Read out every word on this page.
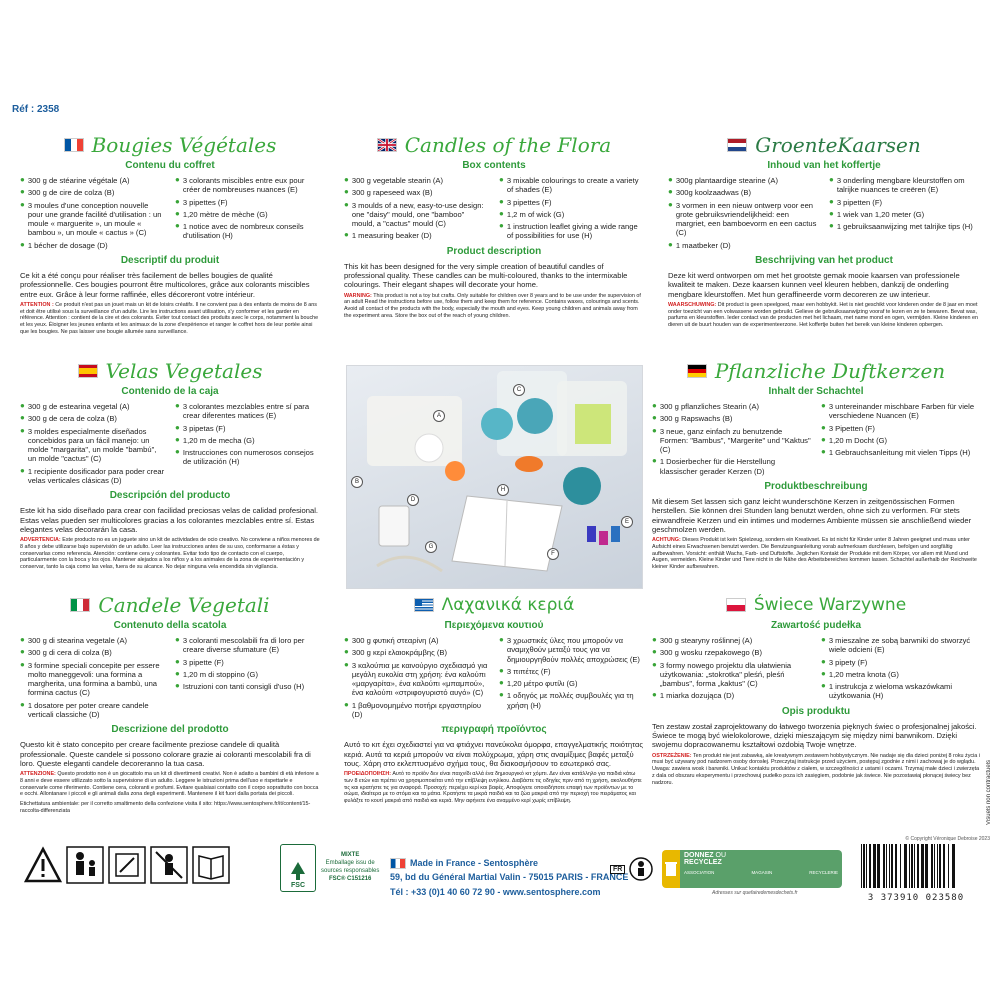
Réf : 2358
Bougies Végétales
Contenu du coffret
● 300 g de stéarine végétale (A)
● 300 g de cire de colza (B)
● 3 moules d'une conception nouvelle pour une grande facilité d'utilisation : un moule « marguerite », un moule « bambou », un moule « cactus » (C)
● 1 bécher de dosage (D)
● 3 colorants miscibles entre eux pour créer de nombreuses nuances (E)
● 3 pipettes (F)
● 1,20 mètre de mèche (G)
● 1 notice avec de nombreux conseils d'utilisation (H)
Descriptif du produit

Ce kit a été conçu pour réaliser très facilement de belles bougies de qualité professionnelle. Ces bougies pourront être multicolores, grâce aux colorants miscibles entre eux. Grâce à leur forme raffinée, elles décoreront votre intérieur.

ATTENTION : Ce produit n'est pas un jouet mais un kit de loisirs créatifs. Il ne convient pas à des enfants de moins de 8 ans et doit être utilisé sous la surveillance d'un adulte. Lire les instructions avant utilisation, s'y conformer et les garder en référence. Attention : contient de la cire et des colorants. Éviter tout contact des produits avec le corps, notamment la bouche et les yeux. Éloigner les jeunes enfants et les animaux de la zone d'expérience et ranger le coffret hors de leur portée ainsi que les bougies. Ne pas laisser une bougie allumée sans surveillance.

Candles of the Flora
Box contents
● 300 g vegetable stearin (A)
● 300 g rapeseed wax (B)
● 3 moulds of a new, easy-to-use design: one "daisy" mould, one "bamboo" mould, a "cactus" mould (C)
● 1 measuring beaker (D)
● 3 mixable colourings to create a variety of shades (E)
● 3 pipettes (F)
● 1,2 m of wick (G)
● 1 instruction leaflet giving a wide range of possibilities for use (H)
Product description

This kit has been designed for the very simple creation of beautiful candles of professional quality. These candles can be multi-coloured, thanks to the intermixable colourings. Their elegant shapes will decorate your home.

WARNING: This product is not a toy but crafts. Only suitable for children over 8 years and to be use under the supervision of an adult Read the instructions before use, follow them and keep them for reference. Contains waxes, colourings and scents. Avoid all contact of the products with the body, especially the mouth and eyes. Keep young children and animals away from the experiment area. Store the box out of the reach of young children.

GroenteKaarsen
Inhoud van het koffertje
● 300g plantaardige stearine (A)
● 300g koolzaadwas (B)
● 3 vormen in een nieuw ontwerp voor een grote gebruiksvriendelijkheid: een margriet, een bamboevorm en een cactus (C)
● 1 maatbeker (D)
● 3 onderling mengbare kleurstoffen om talrijke nuances te creëren (E)
● 3 pipetten (F)
● 1 wiek van 1,20 meter (G)
● 1 gebruiksaanwijzing met talrijke tips (H)
Beschrijving van het product

Deze kit werd ontworpen om met het grootste gemak mooie kaarsen van professionele kwaliteit te maken. Deze kaarsen kunnen veel kleuren hebben, dankzij de onderling mengbare kleurstoffen. Met hun geraffineerde vorm decoreren ze uw interieur.

WAARSCHUWING: Dit product is geen speelgoed, maar een hobbykit. Het is niet geschikt voor kinderen onder de 8 jaar en moet onder toezicht van een volwassene worden gebruikt. Gelieve de gebruiksaanwijzing vooraf te lezen en ze te bewaren. Bevat was, parfums en kleurstoffen. Ieder contact van de producten met het lichaam, met name mond en ogen, vermijden. Kleine kinderen en dieren uit de buurt houden van de experimenteerzone. Het koffertje buiten het bereik van kleine kinderen opbergen.

Velas Vegetales
Contenido de la caja
● 300 g de estearina vegetal (A)
● 300 g de cera de colza (B)
● 3 moldes especialmente diseñados concebidos para un fácil manejo: un molde "margarita", un molde "bambú", un molde "cactus" (C)
● 1 recipiente dosificador para poder crear velas verticales clásicas (D)
● 3 colorantes mezclables entre sí para crear diferentes matices (E)
● 3 pipetas (F)
● 1,20 m de mecha (G)
● Instrucciones con numerosos consejos de utilización (H)
Descripción del producto

Este kit ha sido diseñado para crear con facilidad preciosas velas de calidad profesional. Estas velas pueden ser multicolores gracias a los colorantes mezclables entre sí. Estas elegantes velas decorarán la casa.

ADVERTENCIA: Este producto no es un juguete sino un kit de actividades de ocio creativo. No conviene a niños menores de 8 años y debe utilizarse bajo supervisión de un adulto. Leer las instrucciones antes de su uso, conformarse a éstas y conservarlas como referencia. Atención: contiene cera y colorantes. Evitar todo tipo de contacto con el cuerpo, particularmente con la boca y los ojos. Mantener alejados a los niños y a los animales de la zona de experimentación y conservar, tanto la caja como las velas, fuera de su alcance. No dejar ninguna vela encendida sin vigilancia.

A
B
C
D
E
F
G
H
Pflanzliche Duftkerzen
Inhalt der Schachtel
● 300 g pflanzliches Stearin (A)
● 300 g Rapswachs (B)
● 3 neue, ganz einfach zu benutzende Formen: "Bambus", "Margerite" und "Kaktus" (C)
● 1 Dosierbecher für die Herstellung klassischer gerader Kerzen (D)
● 3 untereinander mischbare Farben für viele verschiedene Nuancen (E)
● 3 Pipetten (F)
● 1,20 m Docht (G)
● 1 Gebrauchsanleitung mit vielen Tipps (H)
Produktbeschreibung

Mit diesem Set lassen sich ganz leicht wunderschöne Kerzen in zeitgenössischen Formen herstellen. Sie können drei Stunden lang benutzt werden, ohne sich zu verformen. Für stets einwandfreie Kerzen und ein intimes und modernes Ambiente müssen sie anschließend wieder geschmolzen werden.

ACHTUNG: Dieses Produkt ist kein Spielzeug, sondern ein Kreativset. Es ist nicht für Kinder unter 8 Jahren geeignet und muss unter Aufsicht eines Erwachsenen benutzt werden. Die Benutzungsanleitung vorab aufmerksam durchlesen, befolgen und sorgfältig aufbewahren. Vorsicht: enthält Wachs, Farb- und Duftstoffe. Jeglichen Kontakt der Produkte mit dem Körper, vor allem mit Mund und Augen, vermeiden. Kleine Kinder und Tiere nicht in die Nähe des Arbeitsbereiches kommen lassen. Schachtel außerhalb der Reichweite kleiner Kinder aufbewahren.

Candele Vegetali
Contenuto della scatola
● 300 g di stearina vegetale (A)
● 300 g di cera di colza (B)
● 3 formine speciali concepite per essere molto maneggevoli: una formina a margherita, una formina a bambù, una formina cactus (C)
● 1 dosatore per poter creare candele verticali classiche (D)
● 3 coloranti mescolabili fra di loro per creare diverse sfumature (E)
● 3 pipette (F)
● 1,20 m di stoppino (G)
● Istruzioni con tanti consigli d'uso (H)
Descrizione del prodotto

Questo kit è stato concepito per creare facilmente preziose candele di qualità professionale. Queste candele si possono colorare grazie ai coloranti mescolabili fra di loro. Queste eleganti candele decoreranno la tua casa.

ATTENZIONE: Questo prodotto non è un giocattolo ma un kit di divertimenti creativi. Non è adatto a bambini di età inferiore a 8 anni e deve essere utilizzato sotto la supervisione di un adulto. Leggere le istruzioni prima dell'uso e rispettarle e conservarle come riferimento. Contiene cera, coloranti e profumi. Evitare qualsiasi contatto con il corpo soprattutto con bocca e occhi. Allontanare i piccoli e gli animali dalla zona degli esperimenti. Mantenere il kit fuori dalla portata dei piccoli.

Etichettatura ambientale: per il corretto smaltimento della confezione visita il sito: https://www.sentosphere.fr/it/content/15-raccolta-differenziata

Λαχανικά κεριά
Περιεχόμενα κουτιού
● 300 g φυτική στεαρίνη (A)
● 300 g κερί ελαιοκράμβης (B)
● 3 καλούπια με καινούργιο σχεδιασμό για μεγάλη ευκολία στη χρήση: ένα καλούπι «μαργαρίτα», ένα καλούπι «μπαμπού», ένα καλούπι «στριφογυριστό αυγό» (C)
● 1 βαθμονομημένο ποτήρι εργαστηρίου (D)
● 3 χρωστικές ύλες που μπορούν να αναμιχθούν μεταξύ τους για να δημιουργηθούν πολλές αποχρώσεις (E)
● 3 πιπέτες (F)
● 1,20 μέτρο φυτίλι (G)
● 1 οδηγός με πολλές συμβουλές για τη χρήση (H)
περιγραφή προϊόντος

Αυτό το κιτ έχει σχεδιαστεί για να φτιάχνει πανεύκολα όμορφα, επαγγελματικής ποιότητας κεριά. Αυτά τα κεριά μπορούν να είναι πολύχρωμα, χάρη στις αναμίξιμες βαφές μεταξύ τους. Χάρη στο εκλεπτυσμένο σχήμα τους, θα διακοσμήσουν το εσωτερικό σας.

ΠΡΟΕΙΔΟΠΟΙΗΣΗ: Αυτό το προϊόν δεν είναι παιχνίδι αλλά ένα δημιουργικό κιτ χόμπι. Δεν είναι κατάλληλο για παιδιά κάτω των 8 ετών και πρέπει να χρησιμοποιείται υπό την επίβλεψη ενηλίκου. Διαβάστε τις οδηγίες πριν από τη χρήση, ακολουθήστε τις και κρατήστε τις για αναφορά. Προσοχή: περιέχει κερί και βαφές. Αποφύγετε οποιαδήποτε επαφή των προϊόντων με το σώμα, ιδιαίτερα με το στόμα και τα μάτια. Κρατήστε τα μικρά παιδιά και τα ζώα μακριά από την περιοχή του πειράματος και φυλάξτε το κουτί μακριά από παιδιά και κεριά. Μην αφήνετε ένα αναμμένο κερί χωρίς επίβλεψη.

Świece Warzywne
Zawartość pudełka
● 300 g stearyny roślinnej (A)
● 300 g wosku rzepakowego (B)
● 3 formy nowego projektu dla ułatwienia użytkowania: „stokrotka" pleśń, pleśń „bambus", forma „kaktus" (C)
● 1 miarka dozująca (D)
● 3 mieszalne ze sobą barwniki do stworzyć wiele odcieni (E)
● 3 pipety (F)
● 1,20 metra knota (G)
● 1 instrukcja z wieloma wskazówkami użytkowania (H)
Opis produktu

Ten zestaw został zaprojektowany do łatwego tworzenia pięknych świec o profesjonalnej jakości. Świece te mogą być wielokolorowe, dzięki mieszającym się między nimi barwnikom. Dzięki swojemu dopracowanemu kształtowi ozdobią Twoje wnętrze.

OSTRZEŻENIE: Ten produkt nie jest zabawką, ale kreatywnym zestawem hobbystycznym. Nie nadaje się dla dzieci poniżej 8 roku życia i musi być używany pod nadzorem osoby dorosłej. Przeczytaj instrukcje przed użyciem, postępuj zgodnie z nimi i zachowaj je do wglądu. Uwaga: zawiera wosk i barwniki. Unikać kontaktu produktów z ciałem, w szczególności z ustami i oczami. Trzymaj małe dzieci i zwierzęta z dala od obszaru eksperymentu i przechowuj pudełko poza ich zasięgiem, podobnie jak świece. Nie pozostawiaj płonącej świecy bez nadzoru.

© Copyright Véronique Debroise 2023
Visuels non contractuels
FSC
MIXTE
Emballage issu de
sources responsables
FSC® C151216
Made in France - Sentosphère
59, bd du Général Martial Valin - 75015 PARIS - FRANCE
Tél : +33 (0)1 40 60 72 90 - www.sentosphere.com
FR
DONNEZ OU
RECYCLEZ
ASSOCIATION	MAGASIN	RECYCLERIE
Adresses sur quefairedemesdechets.fr	3 373910 023580
